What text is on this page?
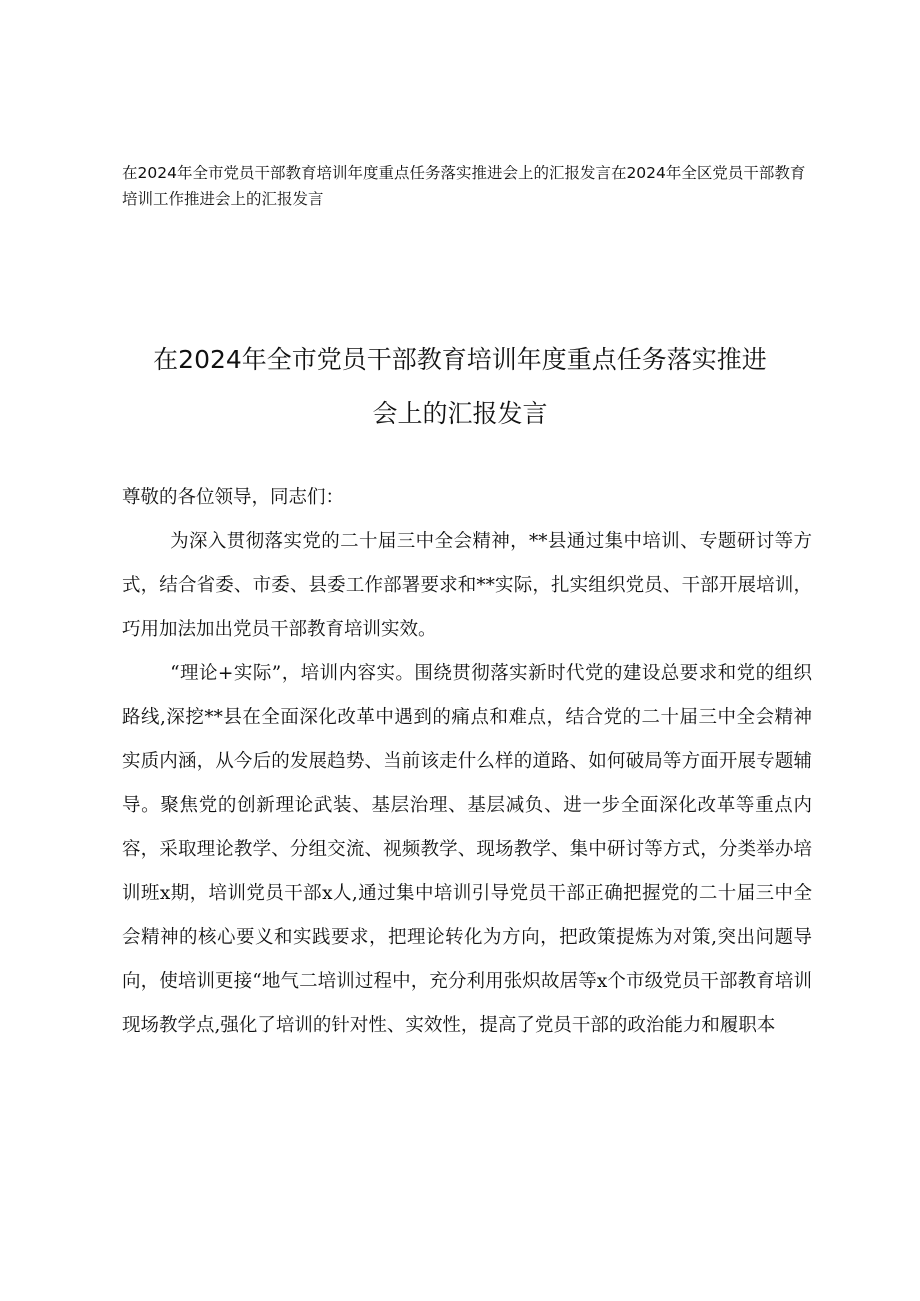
在2024年全市党员干部教育培训年度重点任务落实推进会上的汇报发言在2024年全区党员干部教育培训工作推进会上的汇报发言
在2024年全市党员干部教育培训年度重点任务落实推进
会上的汇报发言

尊敬的各位领导，同志们：

为深入贯彻落实党的二十届三中全会精神，**县通过集中培训、专题研讨等方式，结合省委、市委、县委工作部署要求和**实际，扎实组织党员、干部开展培训，巧用加法加出党员干部教育培训实效。

“理论+实际”，培训内容实。围绕贯彻落实新时代党的建设总要求和党的组织路线,深挖**县在全面深化改革中遇到的痛点和难点，结合党的二十届三中全会精神实质内涵，从今后的发展趋势、当前该走什么样的道路、如何破局等方面开展专题辅导。聚焦党的创新理论武装、基层治理、基层减负、进一步全面深化改革等重点内容，采取理论教学、分组交流、视频教学、现场教学、集中研讨等方式，分类举办培训班x期，培训党员干部x人,通过集中培训引导党员干部正确把握党的二十届三中全会精神的核心要义和实践要求，把理论转化为方向，把政策提炼为对策,突出问题导向，使培训更接“地气二培训过程中，充分利用张炽故居等x个市级党员干部教育培训现场教学点,强化了培训的针对性、实效性，提高了党员干部的政治能力和履职本
